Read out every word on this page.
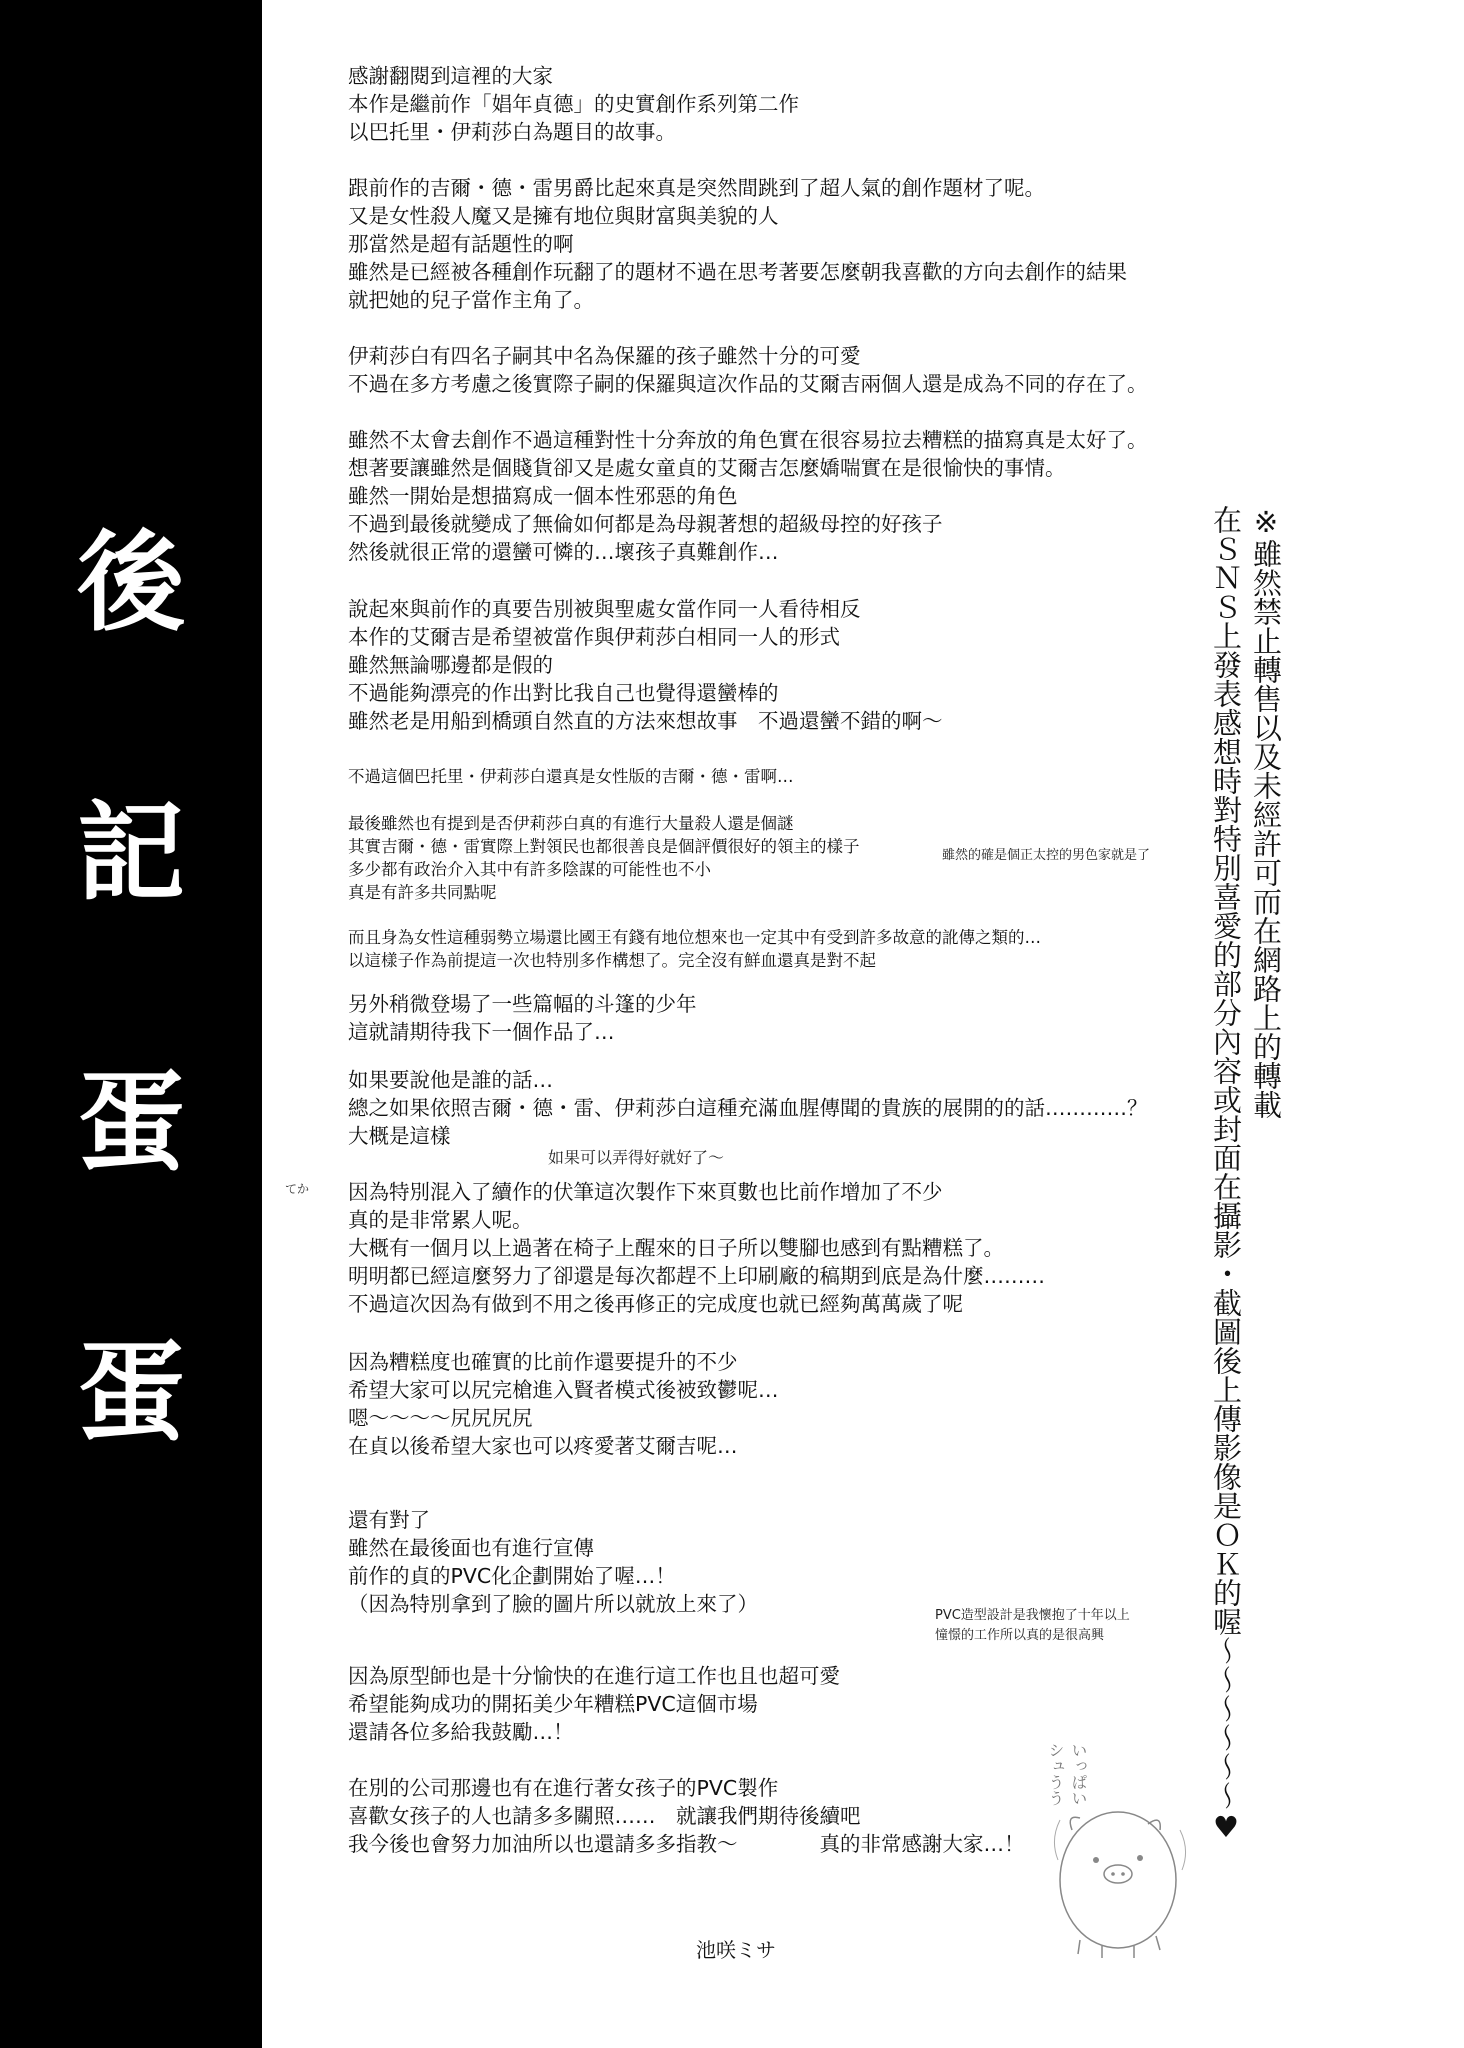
後
記
蛋
蛋
感謝翻閱到這裡的大家
本作是繼前作「娼年貞德」的史實創作系列第二作
以巴托里・伊莉莎白為題目的故事。
跟前作的吉爾・德・雷男爵比起來真是突然間跳到了超人氣的創作題材了呢。
又是女性殺人魔又是擁有地位與財富與美貌的人
那當然是超有話題性的啊
雖然是已經被各種創作玩翻了的題材不過在思考著要怎麼朝我喜歡的方向去創作的結果
就把她的兒子當作主角了。
伊莉莎白有四名子嗣其中名為保羅的孩子雖然十分的可愛
不過在多方考慮之後實際子嗣的保羅與這次作品的艾爾吉兩個人還是成為不同的存在了。
雖然不太會去創作不過這種對性十分奔放的角色實在很容易拉去糟糕的描寫真是太好了。
想著要讓雖然是個賤貨卻又是處女童貞的艾爾吉怎麼嬌喘實在是很愉快的事情。
雖然一開始是想描寫成一個本性邪惡的角色
不過到最後就變成了無倫如何都是為母親著想的超級母控的好孩子
然後就很正常的還蠻可憐的…壞孩子真難創作…
說起來與前作的真要告別被與聖處女當作同一人看待相反
本作的艾爾吉是希望被當作與伊莉莎白相同一人的形式
雖然無論哪邊都是假的
不過能夠漂亮的作出對比我自己也覺得還蠻棒的
雖然老是用船到橋頭自然直的方法來想故事　不過還蠻不錯的啊～
不過這個巴托里・伊莉莎白還真是女性版的吉爾・德・雷啊…
最後雖然也有提到是否伊莉莎白真的有進行大量殺人還是個謎
其實吉爾・德・雷實際上對領民也都很善良是個評價很好的領主的樣子
多少都有政治介入其中有許多陰謀的可能性也不小
真是有許多共同點呢
而且身為女性這種弱勢立場還比國王有錢有地位想來也一定其中有受到許多故意的訛傳之類的…
以這樣子作為前提這一次也特別多作構想了。完全沒有鮮血還真是對不起
另外稍微登場了一些篇幅的斗篷的少年
這就請期待我下一個作品了…
如果要說他是誰的話…
總之如果依照吉爾・德・雷、伊莉莎白這種充滿血腥傳聞的貴族的展開的的話…………？
大概是這樣
因為特別混入了續作的伏筆這次製作下來頁數也比前作增加了不少
真的是非常累人呢。
大概有一個月以上過著在椅子上醒來的日子所以雙腳也感到有點糟糕了。
明明都已經這麼努力了卻還是每次都趕不上印刷廠的稿期到底是為什麼………
不過這次因為有做到不用之後再修正的完成度也就已經夠萬萬歲了呢
因為糟糕度也確實的比前作還要提升的不少
希望大家可以尻完槍進入賢者模式後被致鬱呢…
嗯～～～～尻尻尻尻
在貞以後希望大家也可以疼愛著艾爾吉呢…
還有對了
雖然在最後面也有進行宣傳
前作的貞的PVC化企劃開始了喔…！
（因為特別拿到了臉的圖片所以就放上來了）
因為原型師也是十分愉快的在進行這工作也且也超可愛
希望能夠成功的開拓美少年糟糕PVC這個市場
還請各位多給我鼓勵…！
在別的公司那邊也有在進行著女孩子的PVC製作
喜歡女孩子的人也請多多關照……　就讓我們期待後續吧
我今後也會努力加油所以也還請多多指教～　　　　真的非常感謝大家…！
池咲ミサ
雖然的確是個正太控的男色家就是了
如果可以弄得好就好了～
てか
PVC造型設計是我懷抱了十年以上
憧憬的工作所以真的是很高興
※雖然禁止轉售以及未經許可而在網路上的轉載
在ＳＮＳ上發表感想時對特別喜愛的部分內容或封面在攝影・截圖後上傳影像是ＯＫ的喔～～～～～～♥
いっぱい シュうう
